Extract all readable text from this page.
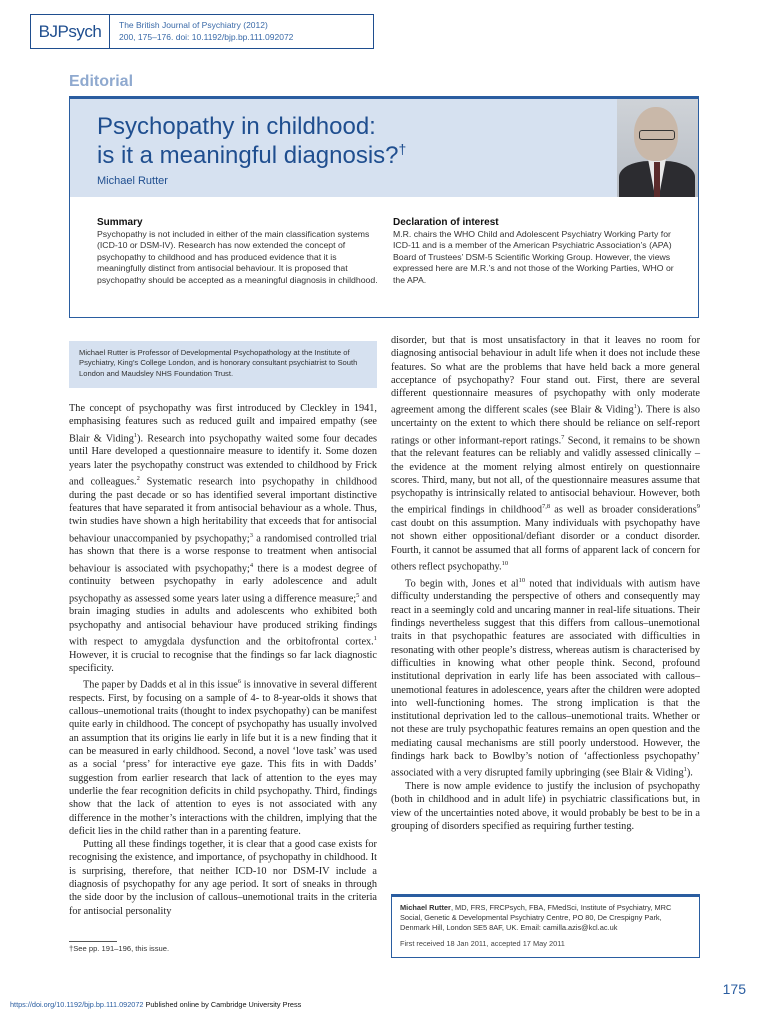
BJPsych	The British Journal of Psychiatry (2012)
200, 175–176. doi: 10.1192/bjp.bp.111.092072
Editorial
Psychopathy in childhood:
is it a meaningful diagnosis?†
Michael Rutter

Summary

Psychopathy is not included in either of the main classification systems (ICD-10 or DSM-IV). Research has now extended the concept of psychopathy to childhood and has produced evidence that it is meaningfully distinct from antisocial behaviour. It is proposed that psychopathy should be accepted as a meaningful diagnosis in childhood.

Declaration of interest

M.R. chairs the WHO Child and Adolescent Psychiatry Working Party for ICD-11 and is a member of the American Psychiatric Association’s (APA) Board of Trustees’ DSM-5 Scientific Working Group. However, the views expressed here are M.R.’s and not those of the Working Parties, WHO or the APA.

Michael Rutter is Professor of Developmental Psychopathology at the Institute of Psychiatry, King’s College London, and is honorary consultant psychiatrist to South London and Maudsley NHS Foundation Trust.

The concept of psychopathy was first introduced by Cleckley in 1941, emphasising features such as reduced guilt and impaired empathy (see Blair & Viding$^1$). Research into psychopathy waited some four decades until Hare developed a questionnaire measure to identify it. Some dozen years later the psychopathy construct was extended to childhood by Frick and colleagues.$^2$ Systematic research into psychopathy in childhood during the past decade or so has identified several important distinctive features that have separated it from antisocial behaviour as a whole. Thus, twin studies have shown a high heritability that exceeds that for antisocial behaviour unaccompanied by psychopathy;$^3$ a randomised controlled trial has shown that there is a worse response to treatment when antisocial behaviour is associated with psychopathy;$^4$ there is a modest degree of continuity between psychopathy in early adolescence and adult psychopathy as assessed some years later using a difference measure;$^5$ and brain imaging studies in adults and adolescents who exhibited both psychopathy and antisocial behaviour have produced striking findings with respect to amygdala dysfunction and the orbitofrontal cortex.$^1$ However, it is crucial to recognise that the findings so far lack diagnostic specificity.

The paper by Dadds et al in this issue$^6$ is innovative in several different respects. First, by focusing on a sample of 4- to 8-year-olds it shows that callous–unemotional traits (thought to index psychopathy) can be manifest quite early in childhood. The concept of psychopathy has usually involved an assumption that its origins lie early in life but it is a new finding that it can be measured in early childhood. Second, a novel ‘love task’ was used as a social ‘press’ for interactive eye gaze. This fits in with Dadds’ suggestion from earlier research that lack of attention to the eyes may underlie the fear recognition deficits in child psychopathy. Third, findings show that the lack of attention to eyes is not associated with any difference in the mother’s interactions with the children, implying that the deficit lies in the child rather than in a parenting feature.

Putting all these findings together, it is clear that a good case exists for recognising the existence, and importance, of psychopathy in childhood. It is surprising, therefore, that neither ICD-10 nor DSM-IV include a diagnosis of psychopathy for any age period. It sort of sneaks in through the side door by the inclusion of callous–unemotional traits in the criteria for antisocial personality

disorder, but that is most unsatisfactory in that it leaves no room for diagnosing antisocial behaviour in adult life when it does not include these features. So what are the problems that have held back a more general acceptance of psychopathy? Four stand out. First, there are several different questionnaire measures of psychopathy with only moderate agreement among the different scales (see Blair & Viding$^1$). There is also uncertainty on the extent to which there should be reliance on self-report ratings or other informant-report ratings.$^7$ Second, it remains to be shown that the relevant features can be reliably and validly assessed clinically – the evidence at the moment relying almost entirely on questionnaire scores. Third, many, but not all, of the questionnaire measures assume that psychopathy is intrinsically related to antisocial behaviour. However, both the empirical findings in childhood$^{7,8}$ as well as broader considerations$^9$ cast doubt on this assumption. Many individuals with psychopathy have not shown either oppositional/defiant disorder or a conduct disorder. Fourth, it cannot be assumed that all forms of apparent lack of concern for others reflect psychopathy.$^{10}$

To begin with, Jones et $al^{10}$ noted that individuals with autism have difficulty understanding the perspective of others and consequently may react in a seemingly cold and uncaring manner in real-life situations. Their findings nevertheless suggest that this differs from callous–unemotional traits in that psychopathic features are associated with difficulties in resonating with other people’s distress, whereas autism is characterised by difficulties in knowing what other people think. Second, profound institutional deprivation in early life has been associated with callous–unemotional features in adolescence, years after the children were adopted into well-functioning homes. The strong implication is that the institutional deprivation led to the callous–unemotional traits. Whether or not these are truly psychopathic features remains an open question and the mediating causal mechanisms are still poorly understood. However, the findings hark back to Bowlby’s notion of ‘affectionless psychopathy’ associated with a very disrupted family upbringing (see Blair & Viding$^1$).

There is now ample evidence to justify the inclusion of psychopathy (both in childhood and in adult life) in psychiatric classifications but, in view of the uncertainties noted above, it would probably be best to be in a grouping of disorders specified as requiring further testing.

Michael Rutter, MD, FRS, FRCPsych, FBA, FMedSci, Institute of Psychiatry, MRC Social, Genetic & Developmental Psychiatry Centre, PO 80, De Crespigny Park, Denmark Hill, London SE5 8AF, UK. Email: camilla.azis@kcl.ac.uk
First received 18 Jan 2011, accepted 17 May 2011
†See pp. 191–196, this issue.
175
https://doi.org/10.1192/bjp.bp.111.092072 Published online by Cambridge University Press
